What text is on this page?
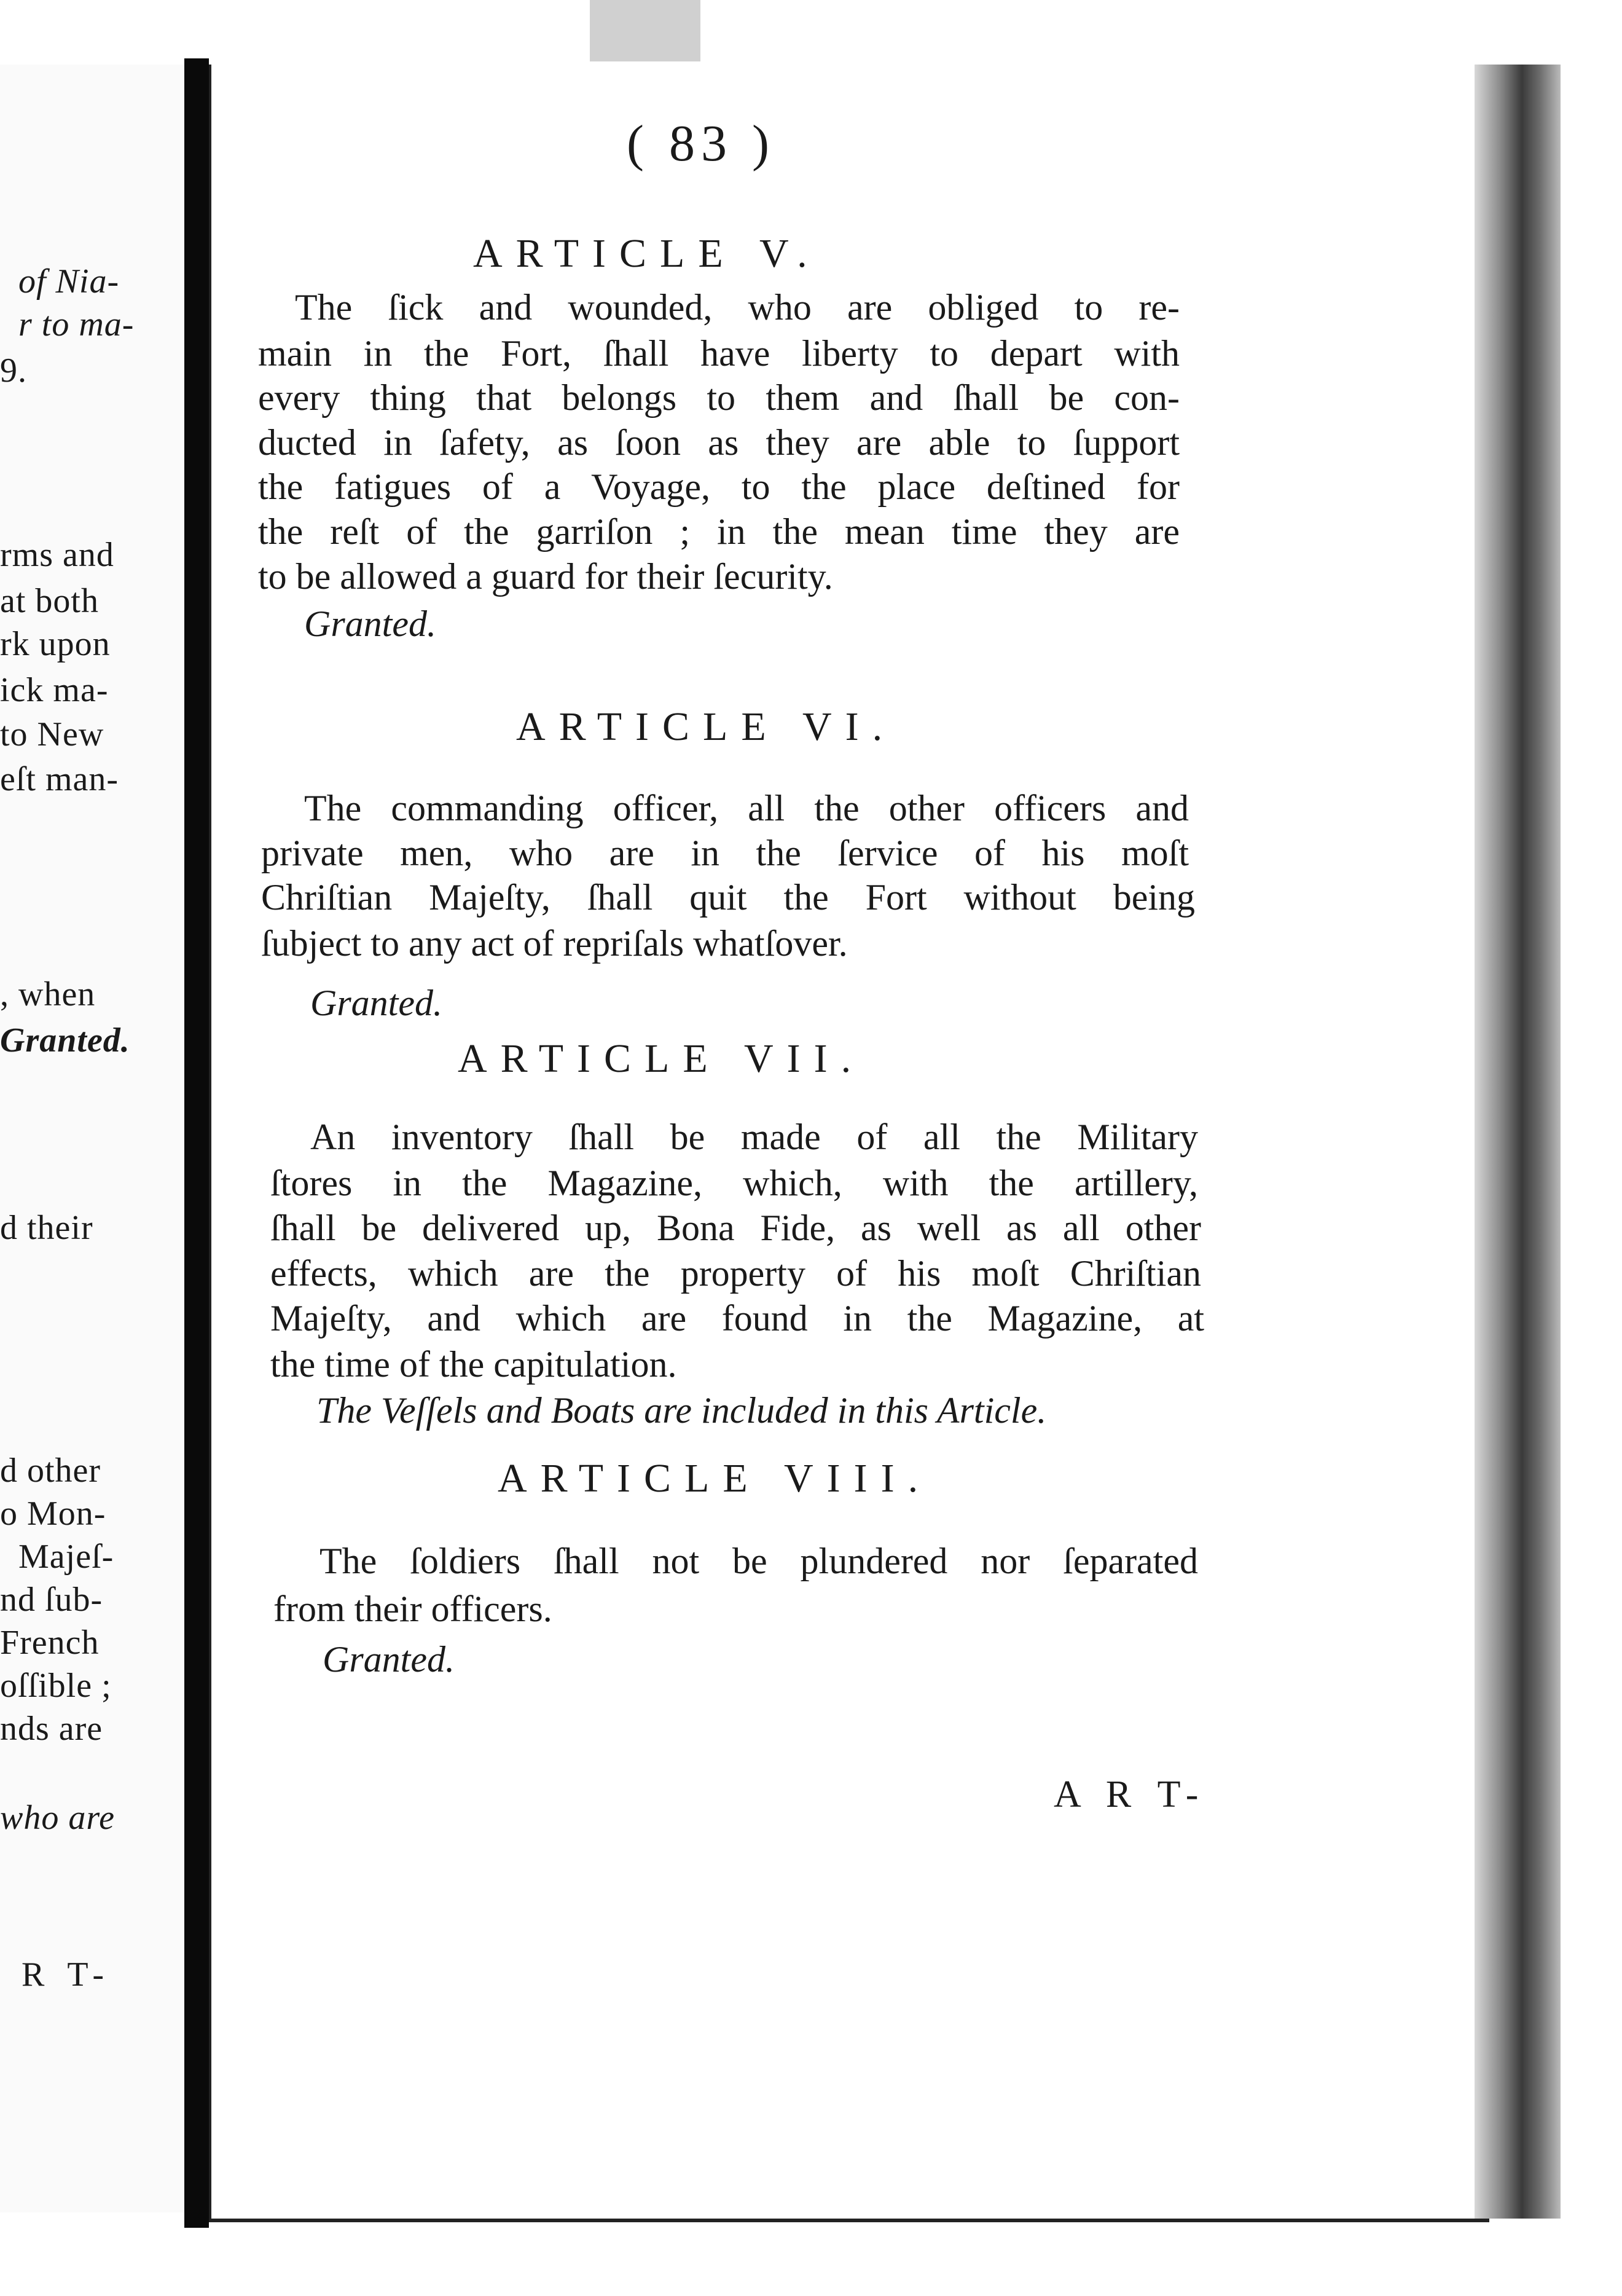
of Nia-
r to ma-
9.
rms and
at both
rk upon
ick ma-
to New
eſt man-
, when
Granted.
d their
d other
o Mon-
Majeſ-
nd ſub-
French
oſſible ;
nds are
who are
R T-
( 83 )
ARTICLE V.
The ſick and wounded, who are obliged to re-
main in the Fort, ſhall have liberty to depart with
every thing that belongs to them and ſhall be con-
ducted in ſafety, as ſoon as they are able to ſupport
the fatigues of a Voyage, to the place deſtined for
the reſt of the garriſon ; in the mean time they are
to be allowed a guard for their ſecurity.
Granted.
ARTICLE VI.
The commanding officer, all the other officers and
private men, who are in the ſervice of his moſt
Chriſtian Majeſty, ſhall quit the Fort without being
ſubject to any act of repriſals whatſover.
Granted.
ARTICLE VII.
An inventory ſhall be made of all the Military
ſtores in the Magazine, which, with the artillery,
ſhall be delivered up, Bona Fide, as well as all other
effects, which are the property of his moſt Chriſtian
Majeſty, and which are found in the Magazine, at
the time of the capitulation.
The Veſſels and Boats are included in this Article.
ARTICLE VIII.
The ſoldiers ſhall not be plundered nor ſeparated
from their officers.
Granted.
A R T-
